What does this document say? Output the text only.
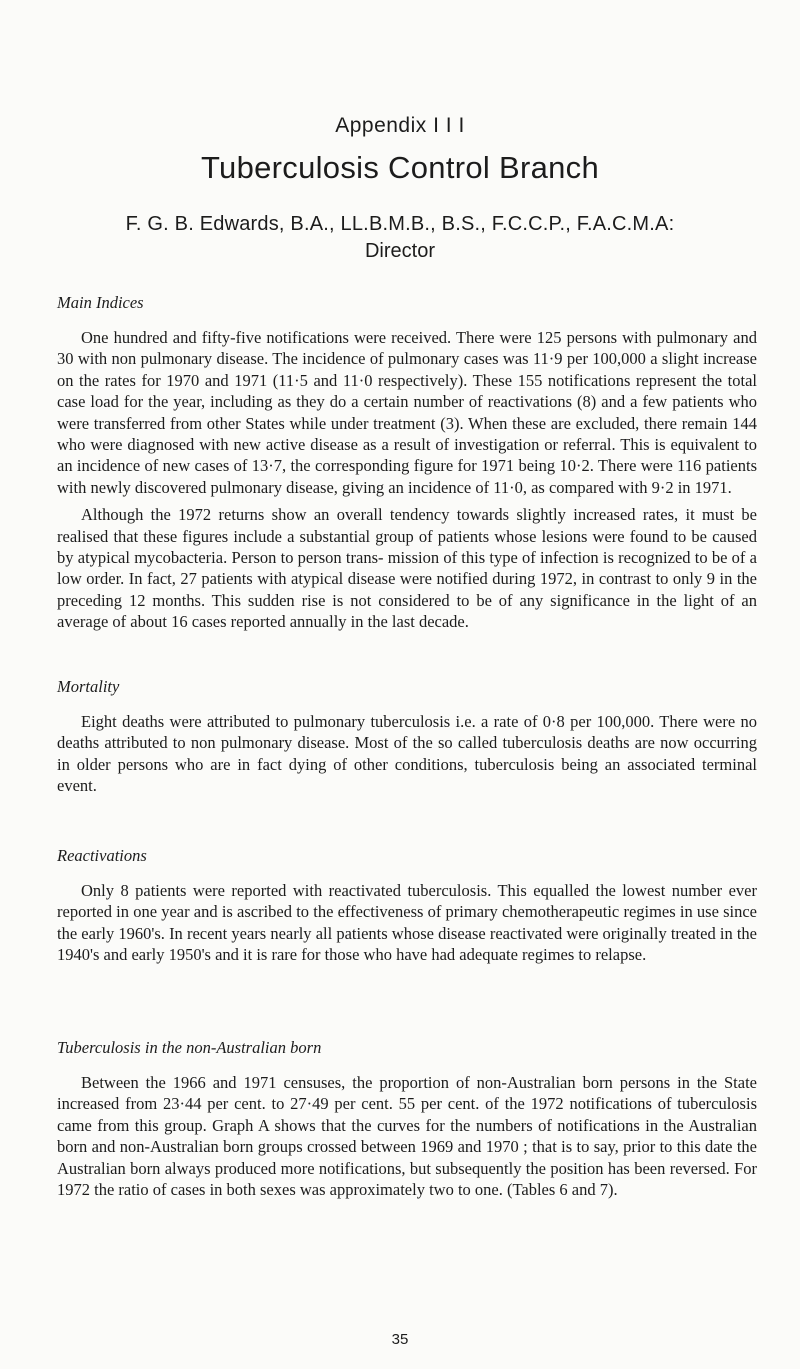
Appendix I I I
Tuberculosis Control Branch
F. G. B. Edwards, B.A., LL.B.M.B., B.S., F.C.C.P., F.A.C.M.A:
Director

Main Indices

One hundred and fifty-five notifications were received. There were 125 persons with pulmonary and 30 with non pulmonary disease. The incidence of pulmonary cases was 11·9 per 100,000 a slight increase on the rates for 1970 and 1971 (11·5 and 11·0 respectively). These 155 notifications represent the total case load for the year, including as they do a certain number of reactivations (8) and a few patients who were transferred from other States while under treatment (3). When these are excluded, there remain 144 who were diagnosed with new active disease as a result of investigation or referral. This is equivalent to an incidence of new cases of 13·7, the corresponding figure for 1971 being 10·2. There were 116 patients with newly discovered pulmonary disease, giving an incidence of 11·0, as compared with 9·2 in 1971.

Although the 1972 returns show an overall tendency towards slightly increased rates, it must be realised that these figures include a substantial group of patients whose lesions were found to be caused by atypical mycobacteria. Person to person trans- mission of this type of infection is recognized to be of a low order. In fact, 27 patients with atypical disease were notified during 1972, in contrast to only 9 in the preceding 12 months. This sudden rise is not considered to be of any significance in the light of an average of about 16 cases reported annually in the last decade.

Mortality

Eight deaths were attributed to pulmonary tuberculosis i.e. a rate of 0·8 per 100,000. There were no deaths attributed to non pulmonary disease. Most of the so called tuberculosis deaths are now occurring in older persons who are in fact dying of other conditions, tuberculosis being an associated terminal event.

Reactivations

Only 8 patients were reported with reactivated tuberculosis. This equalled the lowest number ever reported in one year and is ascribed to the effectiveness of primary chemotherapeutic regimes in use since the early 1960's. In recent years nearly all patients whose disease reactivated were originally treated in the 1940's and early 1950's and it is rare for those who have had adequate regimes to relapse.

Tuberculosis in the non-Australian born

Between the 1966 and 1971 censuses, the proportion of non-Australian born persons in the State increased from 23·44 per cent. to 27·49 per cent. 55 per cent. of the 1972 notifications of tuberculosis came from this group. Graph A shows that the curves for the numbers of notifications in the Australian born and non-Australian born groups crossed between 1969 and 1970 ; that is to say, prior to this date the Australian born always produced more notifications, but subsequently the position has been reversed. For 1972 the ratio of cases in both sexes was approximately two to one. (Tables 6 and 7).

35
